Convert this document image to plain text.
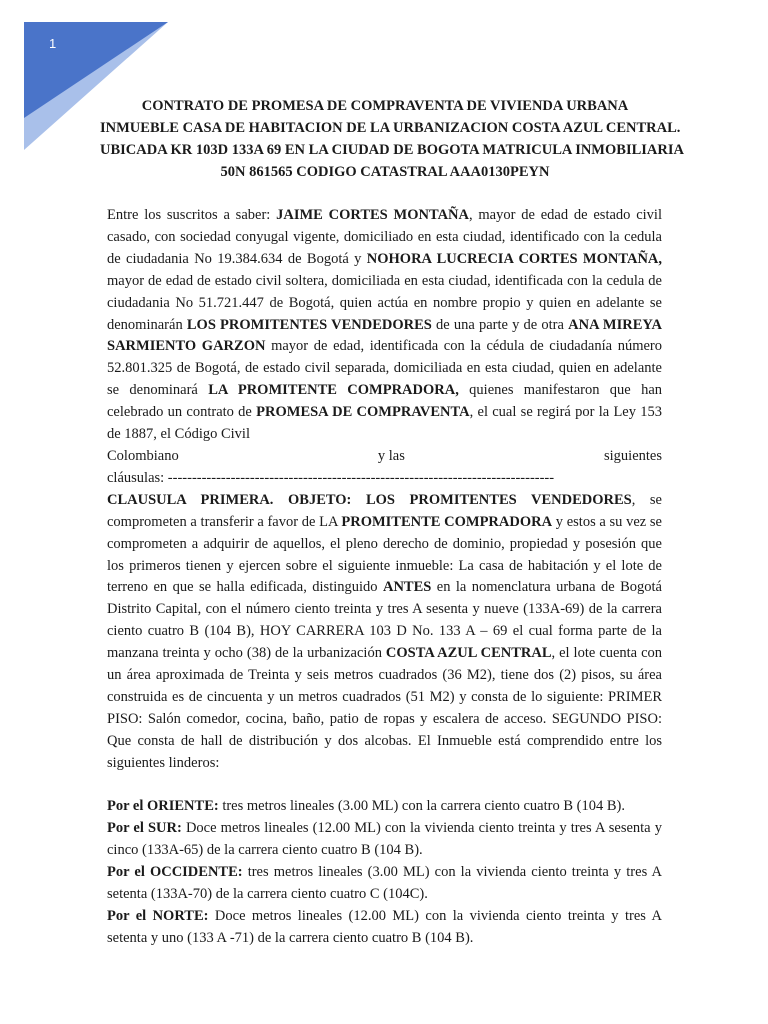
1
CONTRATO DE PROMESA DE COMPRAVENTA DE VIVIENDA URBANA
INMUEBLE CASA DE HABITACION DE LA URBANIZACION COSTA AZUL CENTRAL.
UBICADA KR 103D 133A 69 EN LA CIUDAD DE BOGOTA MATRICULA INMOBILIARIA
50N 861565 CODIGO CATASTRAL AAA0130PEYN

Entre los suscritos a saber: JAIME CORTES MONTAÑA, mayor de edad de estado civil casado, con sociedad conyugal vigente, domiciliado en esta ciudad, identificado con la cedula de ciudadania No 19.384.634 de Bogotá y NOHORA LUCRECIA CORTES MONTAÑA, mayor de edad de estado civil soltera, domiciliada en esta ciudad, identificada con la cedula de ciudadania No 51.721.447 de Bogotá, quien actúa en nombre propio y quien en adelante se denominarán LOS PROMITENTES VENDEDORES de una parte y de otra ANA MIREYA SARMIENTO GARZON mayor de edad, identificada con la cédula de ciudadanía número 52.801.325 de Bogotá, de estado civil separada, domiciliada en esta ciudad, quien en adelante se denominará LA PROMITENTE COMPRADORA, quienes manifestaron que han celebrado un contrato de PROMESA DE COMPRAVENTA, el cual se regirá por la Ley 153 de 1887, el Código Civil

Colombiano	y las	siguientes

cláusulas: --------------------------------------------------------------------------------

CLAUSULA PRIMERA. OBJETO: LOS PROMITENTES VENDEDORES, se comprometen a transferir a favor de LA PROMITENTE COMPRADORA y estos a su vez se comprometen a adquirir de aquellos, el pleno derecho de dominio, propiedad y posesión que los primeros tienen y ejercen sobre el siguiente inmueble: La casa de habitación y el lote de terreno en que se halla edificada, distinguido ANTES en la nomenclatura urbana de Bogotá Distrito Capital, con el número ciento treinta y tres A sesenta y nueve (133A-69) de la carrera ciento cuatro B (104 B), HOY CARRERA 103 D No. 133 A – 69 el cual forma parte de la manzana treinta y ocho (38) de la urbanización COSTA AZUL CENTRAL, el lote cuenta con un área aproximada de Treinta y seis metros cuadrados (36 M2), tiene dos (2) pisos, su área construida es de cincuenta y un metros cuadrados (51 M2) y consta de lo siguiente: PRIMER PISO: Salón comedor, cocina, baño, patio de ropas y escalera de acceso. SEGUNDO PISO: Que consta de hall de distribución y dos alcobas. El Inmueble está comprendido entre los siguientes linderos:

Por el ORIENTE: tres metros lineales (3.00 ML) con la carrera ciento cuatro B (104 B).

Por el SUR: Doce metros lineales (12.00 ML) con la vivienda ciento treinta y tres A sesenta y cinco (133A-65) de la carrera ciento cuatro B (104 B).

Por el OCCIDENTE: tres metros lineales (3.00 ML) con la vivienda ciento treinta y tres A setenta (133A-70) de la carrera ciento cuatro C (104C).

Por el NORTE: Doce metros lineales (12.00 ML) con la vivienda ciento treinta y tres A setenta y uno (133 A -71) de la carrera ciento cuatro B (104 B).
